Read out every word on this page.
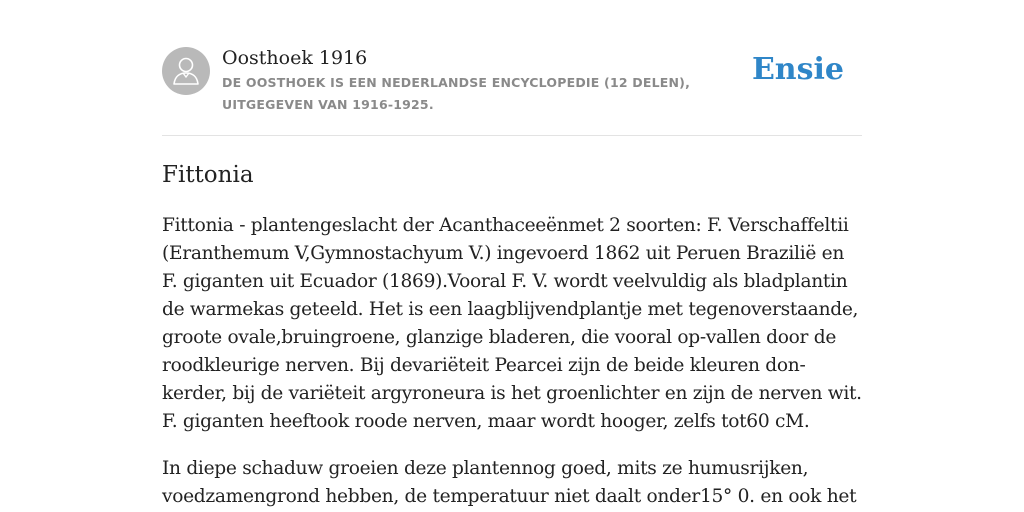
Oosthoek 1916

DE OOSTHOEK IS EEN NEDERLANDSE ENCYCLOPEDIE (12 DELEN), UITGEGEVEN VAN 1916-1925.

Ensie
Fittonia

Fittonia - plantengeslacht der Acanthaceeënmet 2 soorten: F. Verschaffeltii (Eranthemum V,Gymnostachyum V.) ingevoerd 1862 uit Peruen Brazilië en F. giganten uit Ecuador (1869).Vooral F. V. wordt veelvuldig als bladplantin de warmekas geteeld. Het is een laagblijvendplantje met tegenoverstaande, groote ovale,bruingroene, glanzige bladeren, die vooral op-vallen door de roodkleurige nerven. Bij devariëteit Pearcei zijn de beide kleuren don-kerder, bij de variëteit argyroneura is het groenlichter en zijn de nerven wit. F. giganten heeftook roode nerven, maar wordt hooger, zelfs tot60 cM.

In diepe schaduw groeien deze plantennog goed, mits ze humusrijken, voedzamengrond hebben, de temperatuur niet daalt onder15° 0. en ook het
